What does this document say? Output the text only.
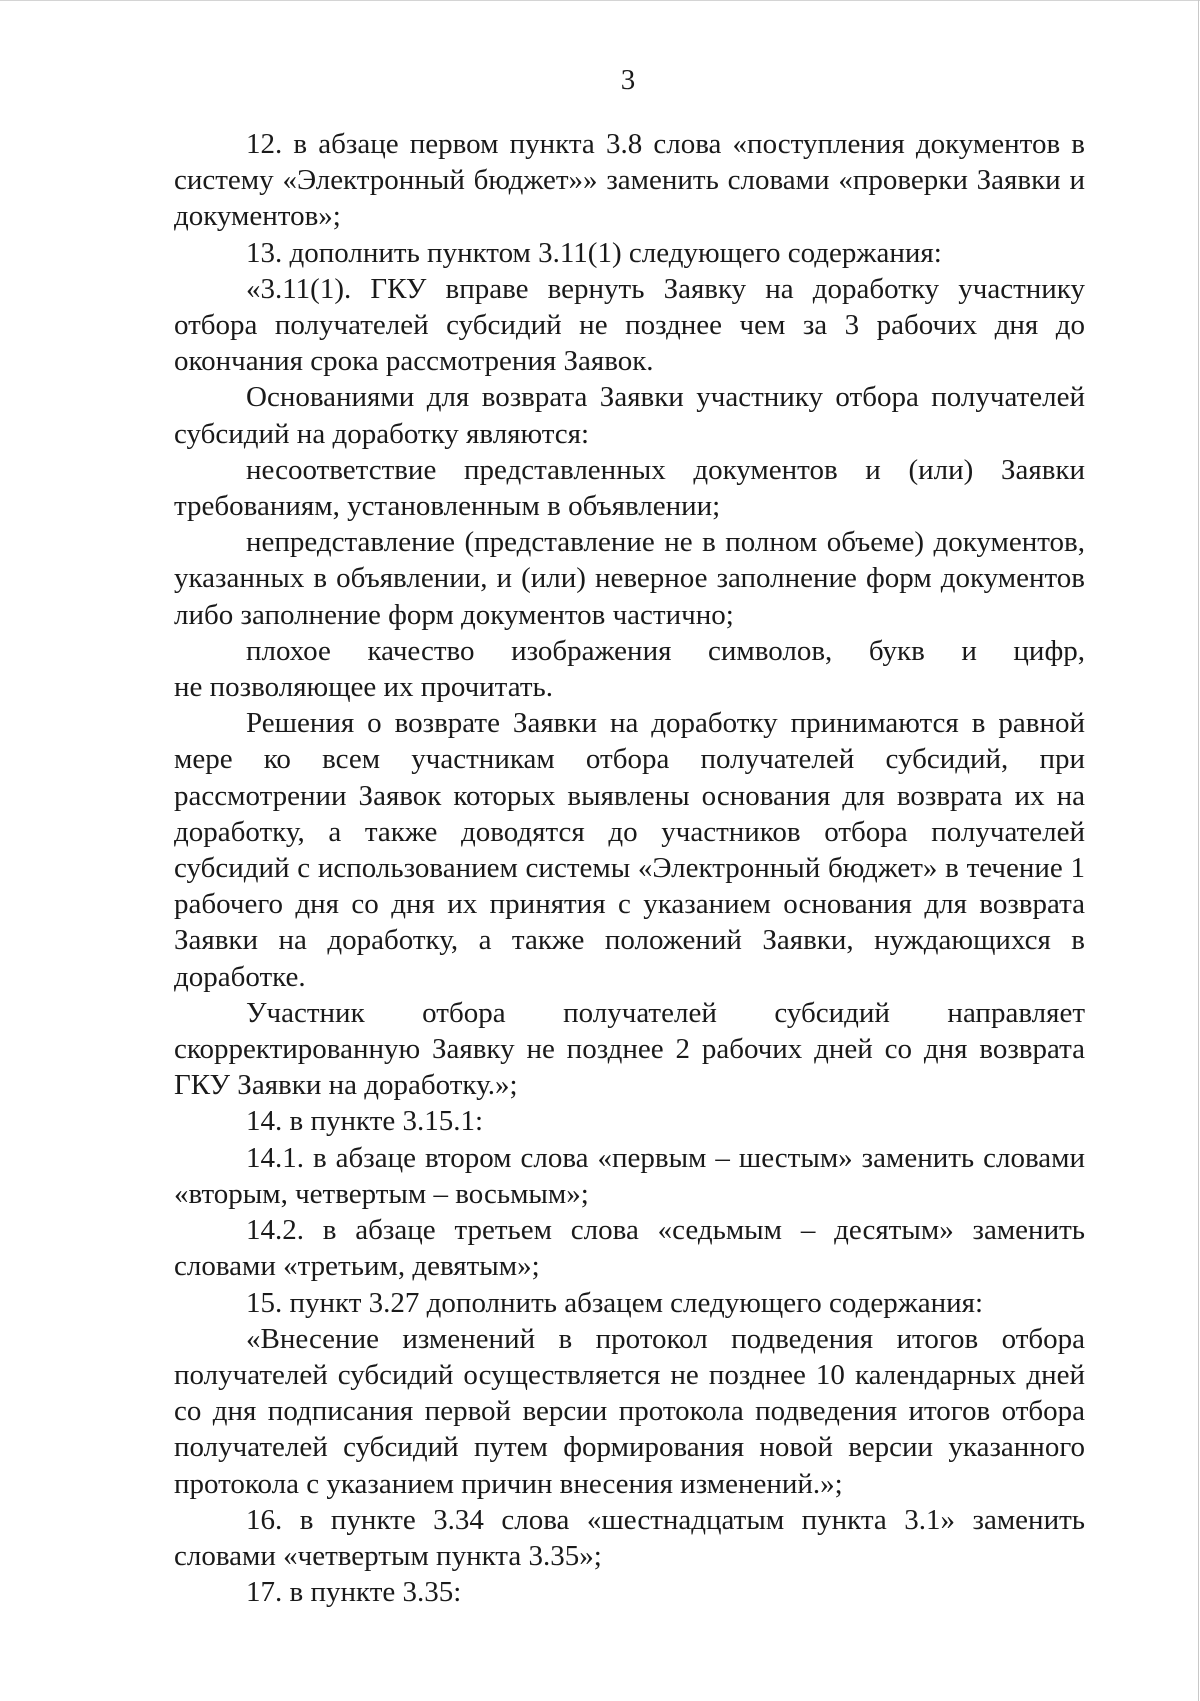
3

12. в абзаце первом пункта 3.8 слова «поступления документов в систему «Электронный бюджет»» заменить словами «проверки Заявки и документов»;

13. дополнить пунктом 3.11(1) следующего содержания:

«3.11(1). ГКУ вправе вернуть Заявку на доработку участнику отбора получателей субсидий не позднее чем за 3 рабочих дня до окончания срока рассмотрения Заявок.

Основаниями для возврата Заявки участнику отбора получателей субсидий на доработку являются:

несоответствие представленных документов и (или) Заявки

требованиям, установленным в объявлении;

непредставление (представление не в полном объеме) документов, указанных в объявлении, и (или) неверное заполнение форм документов либо заполнение форм документов частично;

плохое качество изображения символов, букв и цифр,

не позволяющее их прочитать.

Решения о возврате Заявки на доработку принимаются в равной мере ко всем участникам отбора получателей субсидий, при рассмотрении Заявок которых выявлены основания для возврата их на доработку, а также доводятся до участников отбора получателей субсидий с использованием системы «Электронный бюджет» в течение 1 рабочего дня со дня их принятия с указанием основания для возврата Заявки на доработку, а также положений Заявки, нуждающихся в доработке.

Участник отбора получателей субсидий направляет

скорректированную Заявку не позднее 2 рабочих дней со дня возврата ГКУ Заявки на доработку.»;

14. в пункте 3.15.1:

14.1. в абзаце втором слова «первым – шестым» заменить словами «вторым, четвертым – восьмым»;

14.2. в абзаце третьем слова «седьмым – десятым» заменить словами «третьим, девятым»;

15. пункт 3.27 дополнить абзацем следующего содержания:

«Внесение изменений в протокол подведения итогов отбора получателей субсидий осуществляется не позднее 10 календарных дней со дня подписания первой версии протокола подведения итогов отбора получателей субсидий путем формирования новой версии указанного протокола с указанием причин внесения изменений.»;

16. в пункте 3.34 слова «шестнадцатым пункта 3.1» заменить словами «четвертым пункта 3.35»;

17. в пункте 3.35:
